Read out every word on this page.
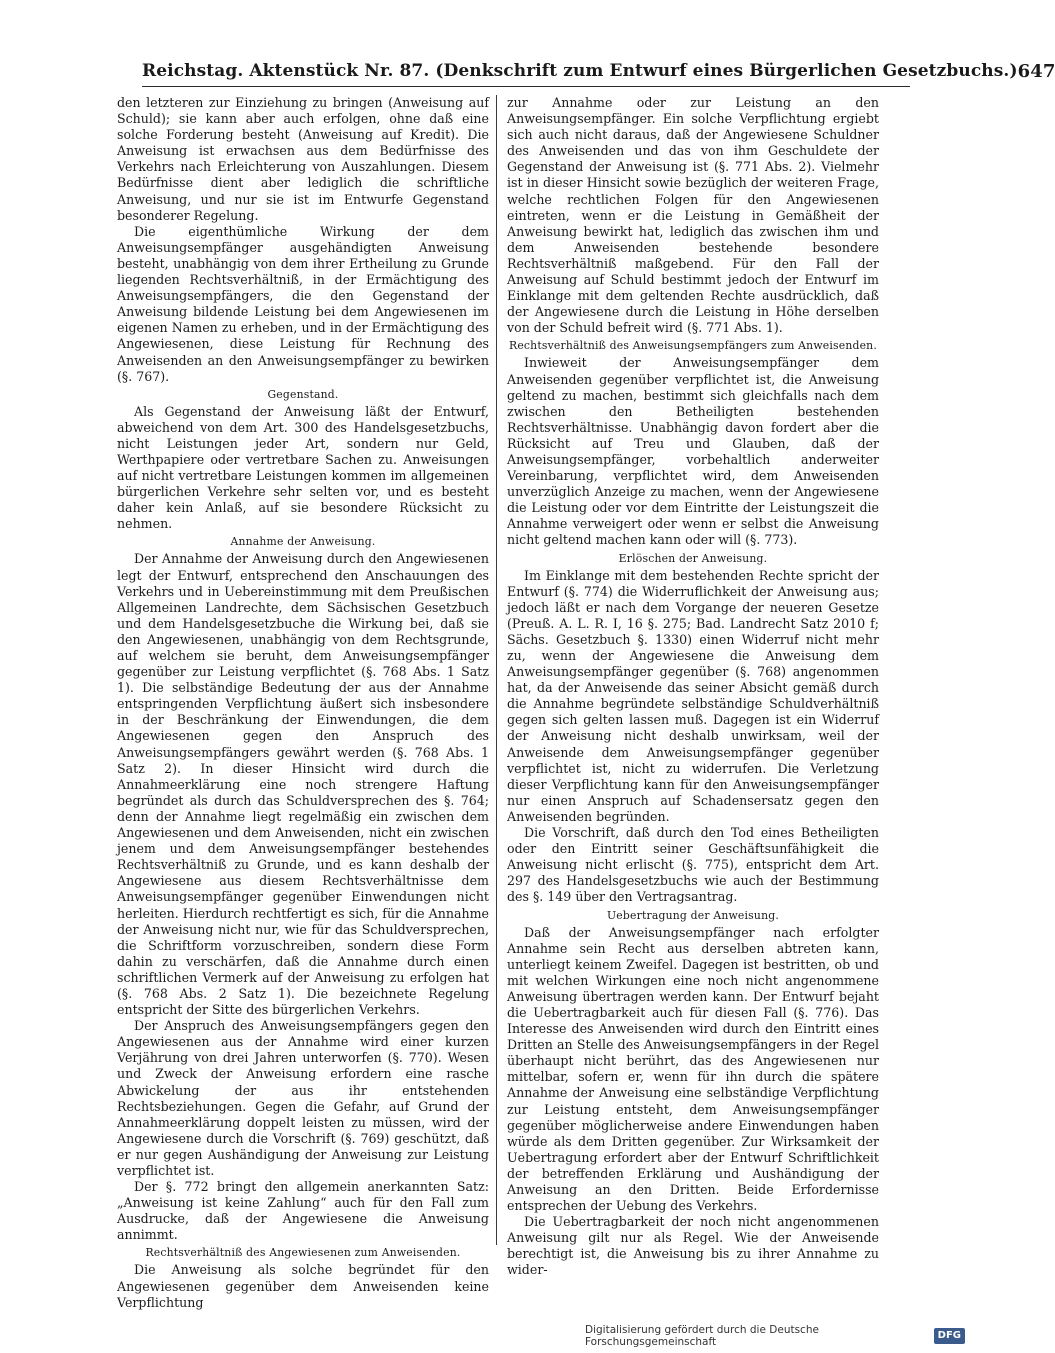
Reichstag. Aktenstück Nr. 87. (Denkschrift zum Entwurf eines Bürgerlichen Gesetzbuchs.) 647

den letzteren zur Einziehung zu bringen (Anweisung auf Schuld); sie kann aber auch erfolgen, ohne daß eine solche Forderung besteht (Anweisung auf Kredit). Die Anweisung ist erwachsen aus dem Bedürfnisse des Verkehrs nach Erleichterung von Auszahlungen. Diesem Bedürfnisse dient aber lediglich die schriftliche Anweisung, und nur sie ist im Entwurfe Gegenstand besonderer Regelung.

Die eigenthümliche Wirkung der dem Anweisungsempfänger ausgehändigten Anweisung besteht, unabhängig von dem ihrer Ertheilung zu Grunde liegenden Rechtsverhältniß, in der Ermächtigung des Anweisungsempfängers, die den Gegenstand der Anweisung bildende Leistung bei dem Angewiesenen im eigenen Namen zu erheben, und in der Ermächtigung des Angewiesenen, diese Leistung für Rechnung des Anweisenden an den Anweisungsempfänger zu bewirken (§. 767).

Gegenstand.

Als Gegenstand der Anweisung läßt der Entwurf, abweichend von dem Art. 300 des Handelsgesetzbuchs, nicht Leistungen jeder Art, sondern nur Geld, Werthpapiere oder vertretbare Sachen zu. Anweisungen auf nicht vertretbare Leistungen kommen im allgemeinen bürgerlichen Verkehre sehr selten vor, und es besteht daher kein Anlaß, auf sie besondere Rücksicht zu nehmen.

Annahme der Anweisung.

Der Annahme der Anweisung durch den Angewiesenen legt der Entwurf, entsprechend den Anschauungen des Verkehrs und in Uebereinstimmung mit dem Preußischen Allgemeinen Landrechte, dem Sächsischen Gesetzbuch und dem Handelsgesetzbuche die Wirkung bei, daß sie den Angewiesenen, unabhängig von dem Rechtsgrunde, auf welchem sie beruht, dem Anweisungsempfänger gegenüber zur Leistung verpflichtet (§. 768 Abs. 1 Satz 1). Die selbständige Bedeutung der aus der Annahme entspringenden Verpflichtung äußert sich insbesondere in der Beschränkung der Einwendungen, die dem Angewiesenen gegen den Anspruch des Anweisungsempfängers gewährt werden (§. 768 Abs. 1 Satz 2). In dieser Hinsicht wird durch die Annahmeerklärung eine noch strengere Haftung begründet als durch das Schuldversprechen des §. 764; denn der Annahme liegt regelmäßig ein zwischen dem Angewiesenen und dem Anweisenden, nicht ein zwischen jenem und dem Anweisungsempfänger bestehendes Rechtsverhältniß zu Grunde, und es kann deshalb der Angewiesene aus diesem Rechtsverhältnisse dem Anweisungsempfänger gegenüber Einwendungen nicht herleiten. Hierdurch rechtfertigt es sich, für die Annahme der Anweisung nicht nur, wie für das Schuldversprechen, die Schriftform vorzuschreiben, sondern diese Form dahin zu verschärfen, daß die Annahme durch einen schriftlichen Vermerk auf der Anweisung zu erfolgen hat (§. 768 Abs. 2 Satz 1). Die bezeichnete Regelung entspricht der Sitte des bürgerlichen Verkehrs.

Der Anspruch des Anweisungsempfängers gegen den Angewiesenen aus der Annahme wird einer kurzen Verjährung von drei Jahren unterworfen (§. 770). Wesen und Zweck der Anweisung erfordern eine rasche Abwickelung der aus ihr entstehenden Rechtsbeziehungen. Gegen die Gefahr, auf Grund der Annahmeerklärung doppelt leisten zu müssen, wird der Angewiesene durch die Vorschrift (§. 769) geschützt, daß er nur gegen Aushändigung der Anweisung zur Leistung verpflichtet ist.

Der §. 772 bringt den allgemein anerkannten Satz: „Anweisung ist keine Zahlung“ auch für den Fall zum Ausdrucke, daß der Angewiesene die Anweisung annimmt.

Rechtsverhältniß des Angewiesenen zum Anweisenden.

Die Anweisung als solche begründet für den Angewiesenen gegenüber dem Anweisenden keine Verpflichtung

zur Annahme oder zur Leistung an den Anweisungsempfänger. Ein solche Verpflichtung ergiebt sich auch nicht daraus, daß der Angewiesene Schuldner des Anweisenden und das von ihm Geschuldete der Gegenstand der Anweisung ist (§. 771 Abs. 2). Vielmehr ist in dieser Hinsicht sowie bezüglich der weiteren Frage, welche rechtlichen Folgen für den Angewiesenen eintreten, wenn er die Leistung in Gemäßheit der Anweisung bewirkt hat, lediglich das zwischen ihm und dem Anweisenden bestehende besondere Rechtsverhältniß maßgebend. Für den Fall der Anweisung auf Schuld bestimmt jedoch der Entwurf im Einklange mit dem geltenden Rechte ausdrücklich, daß der Angewiesene durch die Leistung in Höhe derselben von der Schuld befreit wird (§. 771 Abs. 1).

Rechtsverhältniß des Anweisungsempfängers zum Anweisenden.

Inwieweit der Anweisungsempfänger dem Anweisenden gegenüber verpflichtet ist, die Anweisung geltend zu machen, bestimmt sich gleichfalls nach dem zwischen den Betheiligten bestehenden Rechtsverhältnisse. Unabhängig davon fordert aber die Rücksicht auf Treu und Glauben, daß der Anweisungsempfänger, vorbehaltlich anderweiter Vereinbarung, verpflichtet wird, dem Anweisenden unverzüglich Anzeige zu machen, wenn der Angewiesene die Leistung oder vor dem Eintritte der Leistungszeit die Annahme verweigert oder wenn er selbst die Anweisung nicht geltend machen kann oder will (§. 773).

Erlöschen der Anweisung.

Im Einklange mit dem bestehenden Rechte spricht der Entwurf (§. 774) die Widerruflichkeit der Anweisung aus; jedoch läßt er nach dem Vorgange der neueren Gesetze (Preuß. A. L. R. I, 16 §. 275; Bad. Landrecht Satz 2010 f; Sächs. Gesetzbuch §. 1330) einen Widerruf nicht mehr zu, wenn der Angewiesene die Anweisung dem Anweisungsempfänger gegenüber (§. 768) angenommen hat, da der Anweisende das seiner Absicht gemäß durch die Annahme begründete selbständige Schuldverhältniß gegen sich gelten lassen muß. Dagegen ist ein Widerruf der Anweisung nicht deshalb unwirksam, weil der Anweisende dem Anweisungsempfänger gegenüber verpflichtet ist, nicht zu widerrufen. Die Verletzung dieser Verpflichtung kann für den Anweisungsempfänger nur einen Anspruch auf Schadensersatz gegen den Anweisenden begründen.

Die Vorschrift, daß durch den Tod eines Betheiligten oder den Eintritt seiner Geschäftsunfähigkeit die Anweisung nicht erlischt (§. 775), entspricht dem Art. 297 des Handelsgesetzbuchs wie auch der Bestimmung des §. 149 über den Vertragsantrag.

Uebertragung der Anweisung.

Daß der Anweisungsempfänger nach erfolgter Annahme sein Recht aus derselben abtreten kann, unterliegt keinem Zweifel. Dagegen ist bestritten, ob und mit welchen Wirkungen eine noch nicht angenommene Anweisung übertragen werden kann. Der Entwurf bejaht die Uebertragbarkeit auch für diesen Fall (§. 776). Das Interesse des Anweisenden wird durch den Eintritt eines Dritten an Stelle des Anweisungsempfängers in der Regel überhaupt nicht berührt, das des Angewiesenen nur mittelbar, sofern er, wenn für ihn durch die spätere Annahme der Anweisung eine selbständige Verpflichtung zur Leistung entsteht, dem Anweisungsempfänger gegenüber möglicherweise andere Einwendungen haben würde als dem Dritten gegenüber. Zur Wirksamkeit der Uebertragung erfordert aber der Entwurf Schriftlichkeit der betreffenden Erklärung und Aushändigung der Anweisung an den Dritten. Beide Erfordernisse entsprechen der Uebung des Verkehrs.

Die Uebertragbarkeit der noch nicht angenommenen Anweisung gilt nur als Regel. Wie der Anweisende berechtigt ist, die Anweisung bis zu ihrer Annahme zu wider-

Digitalisierung gefördert durch die Deutsche Forschungsgemeinschaft
DFG
